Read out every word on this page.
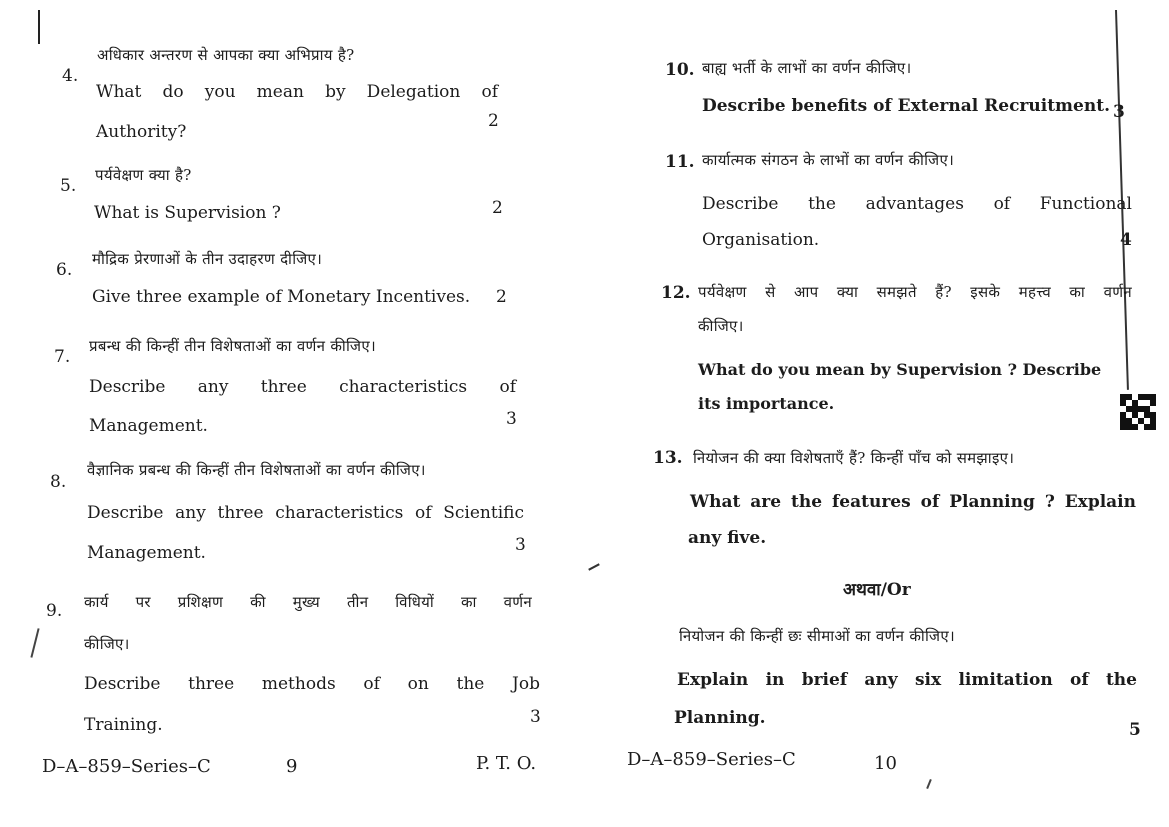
4.
अधिकार अन्तरण से आपका क्या अभिप्राय है?
What do you mean by Delegation of
Authority?
2
5.
पर्यवेक्षण क्या है?
What is Supervision ?	2
6.
मौद्रिक प्रेरणाओं के तीन उदाहरण दीजिए।
Give three example of Monetary Incentives. 2
7.
प्रबन्ध की किन्हीं तीन विशेषताओं का वर्णन कीजिए।
Describe any three characteristics of
Management.	3
8.
वैज्ञानिक प्रबन्ध की किन्हीं तीन विशेषताओं का वर्णन कीजिए।
Describe any three characteristics of Scientific
Management.	3
9. कार्य पर प्रशिक्षण की मुख्य तीन विधियों का वर्णन
कीजिए।
Describe three methods of on the Job
Training.	3
D–A–859–Series–C	9	P. T. O.
10. बाह्य भर्ती के लाभों का वर्णन कीजिए।
Describe benefits of External Recruitment. 3
11. कार्यात्मक संगठन के लाभों का वर्णन कीजिए।
Describe the advantages of Functional
Organisation.	4
12. पर्यवेक्षण से आप क्या समझते हैं? इसके महत्त्व का वर्णन
कीजिए।
What do you mean by Supervision ? Describe
its importance.
13. नियोजन की क्या विशेषताएँ हैं? किन्हीं पाँच को समझाइए।
What are the features of Planning ? Explain
any five.
अथवा/Or
नियोजन की किन्हीं छः सीमाओं का वर्णन कीजिए।
Explain in brief any six limitation of the
Planning.
5
D–A–859–Series–C	10
